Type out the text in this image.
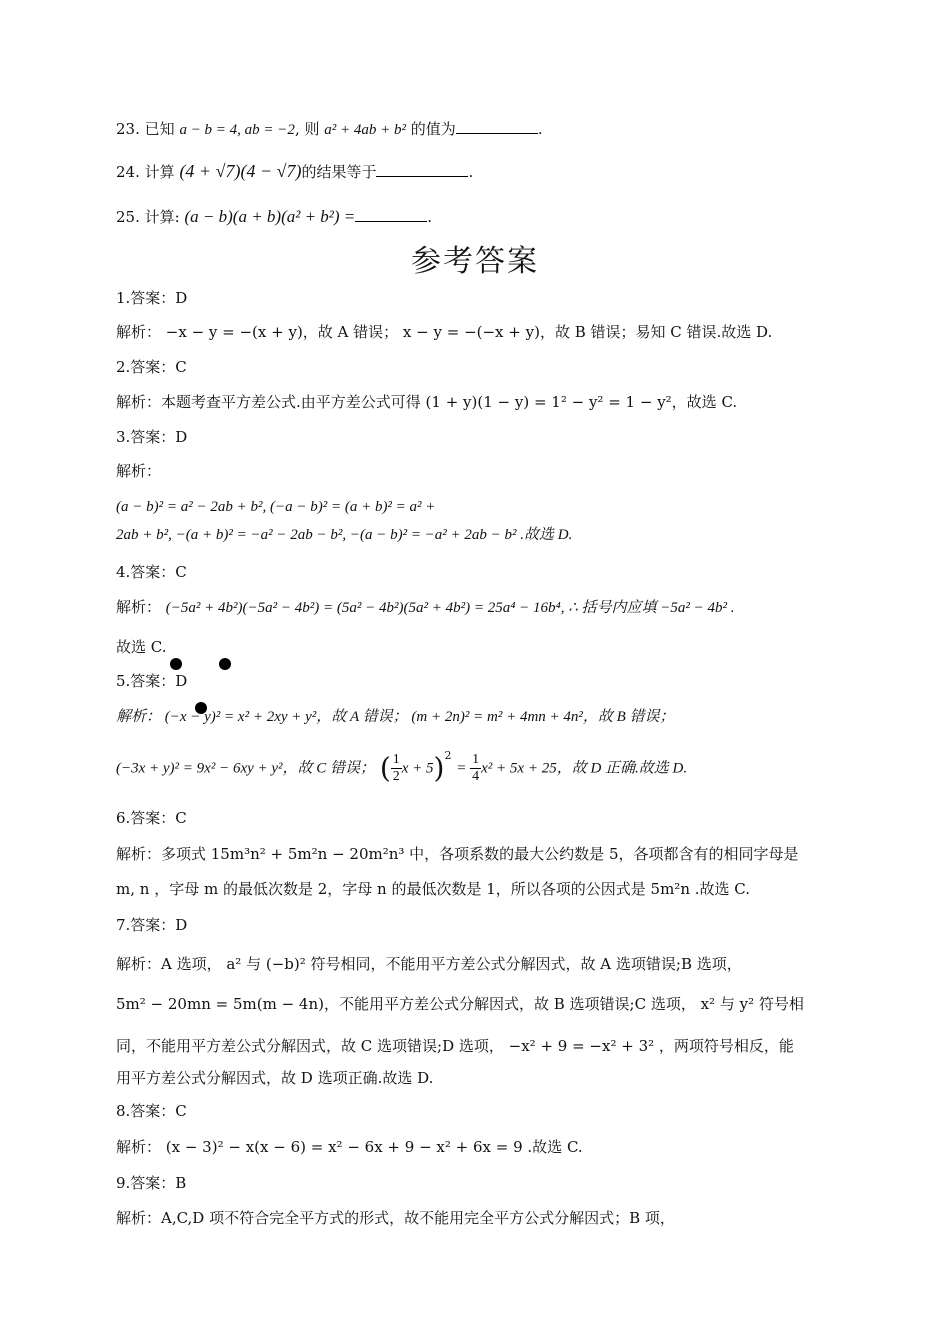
23. 已知 a − b = 4, ab = −2, 则 a² + 4ab + b² 的值为	.
24. 计算 (4 + √7)(4 − √7)的结果等于	.
25. 计算: (a − b)(a + b)(a² + b²) =	.
参考答案
1.答案：D
解析： −x − y = −(x + y)，故 A 错误； x − y = −(−x + y)，故 B 错误；易知 C 错误.故选 D.
2.答案：C
解析：本题考查平方差公式.由平方差公式可得 (1 + y)(1 − y) = 1² − y² = 1 − y²，故选 C.
3.答案：D
解析：
(a − b)² = a² − 2ab + b², (−a − b)² = (a + b)² = a² +
2ab + b², −(a + b)² = −a² − 2ab − b², −(a − b)² = −a² + 2ab − b² .故选 D.
4.答案：C
解析： (−5a² + 4b²)(−5a² − 4b²) = (5a² − 4b²)(5a² + 4b²) = 25a⁴ − 16b⁴, ∴ 括号内应填 −5a² − 4b² .
故选 C.
5.答案：D
解析： (−x − y)² = x² + 2xy + y²，故 A 错误； (m + 2n)² = m² + 4mn + 4n²，故 B 错误；
(−3x + y)² = 9x² − 6xy + y²，故 C 错误； ( $\frac{1}{2}$ $x + 5)^2 = \frac{1}{4} x^2 + 5x + 25$，故 D 正确.故选 D.
6.答案：C
解析：多项式 15m³n² + 5m²n − 20m²n³ 中，各项系数的最大公约数是 5，各项都含有的相同字母是
m, n ，字母 m 的最低次数是 2，字母 n 的最低次数是 1，所以各项的公因式是 5m²n .故选 C.
7.答案：D
解析：A 选项， a² 与 (−b)² 符号相同，不能用平方差公式分解因式，故 A 选项错误;B 选项，
5m² − 20mn = 5m(m − 4n)，不能用平方差公式分解因式，故 B 选项错误;C 选项， x² 与 y² 符号相
同，不能用平方差公式分解因式，故 C 选项错误;D 选项， −x² + 9 = −x² + 3² ，两项符号相反，能
用平方差公式分解因式，故 D 选项正确.故选 D.
8.答案：C
解析： (x − 3)² − x(x − 6) = x² − 6x + 9 − x² + 6x = 9 .故选 C.
9.答案：B
解析：A,C,D 项不符合完全平方式的形式，故不能用完全平方公式分解因式；B 项，
